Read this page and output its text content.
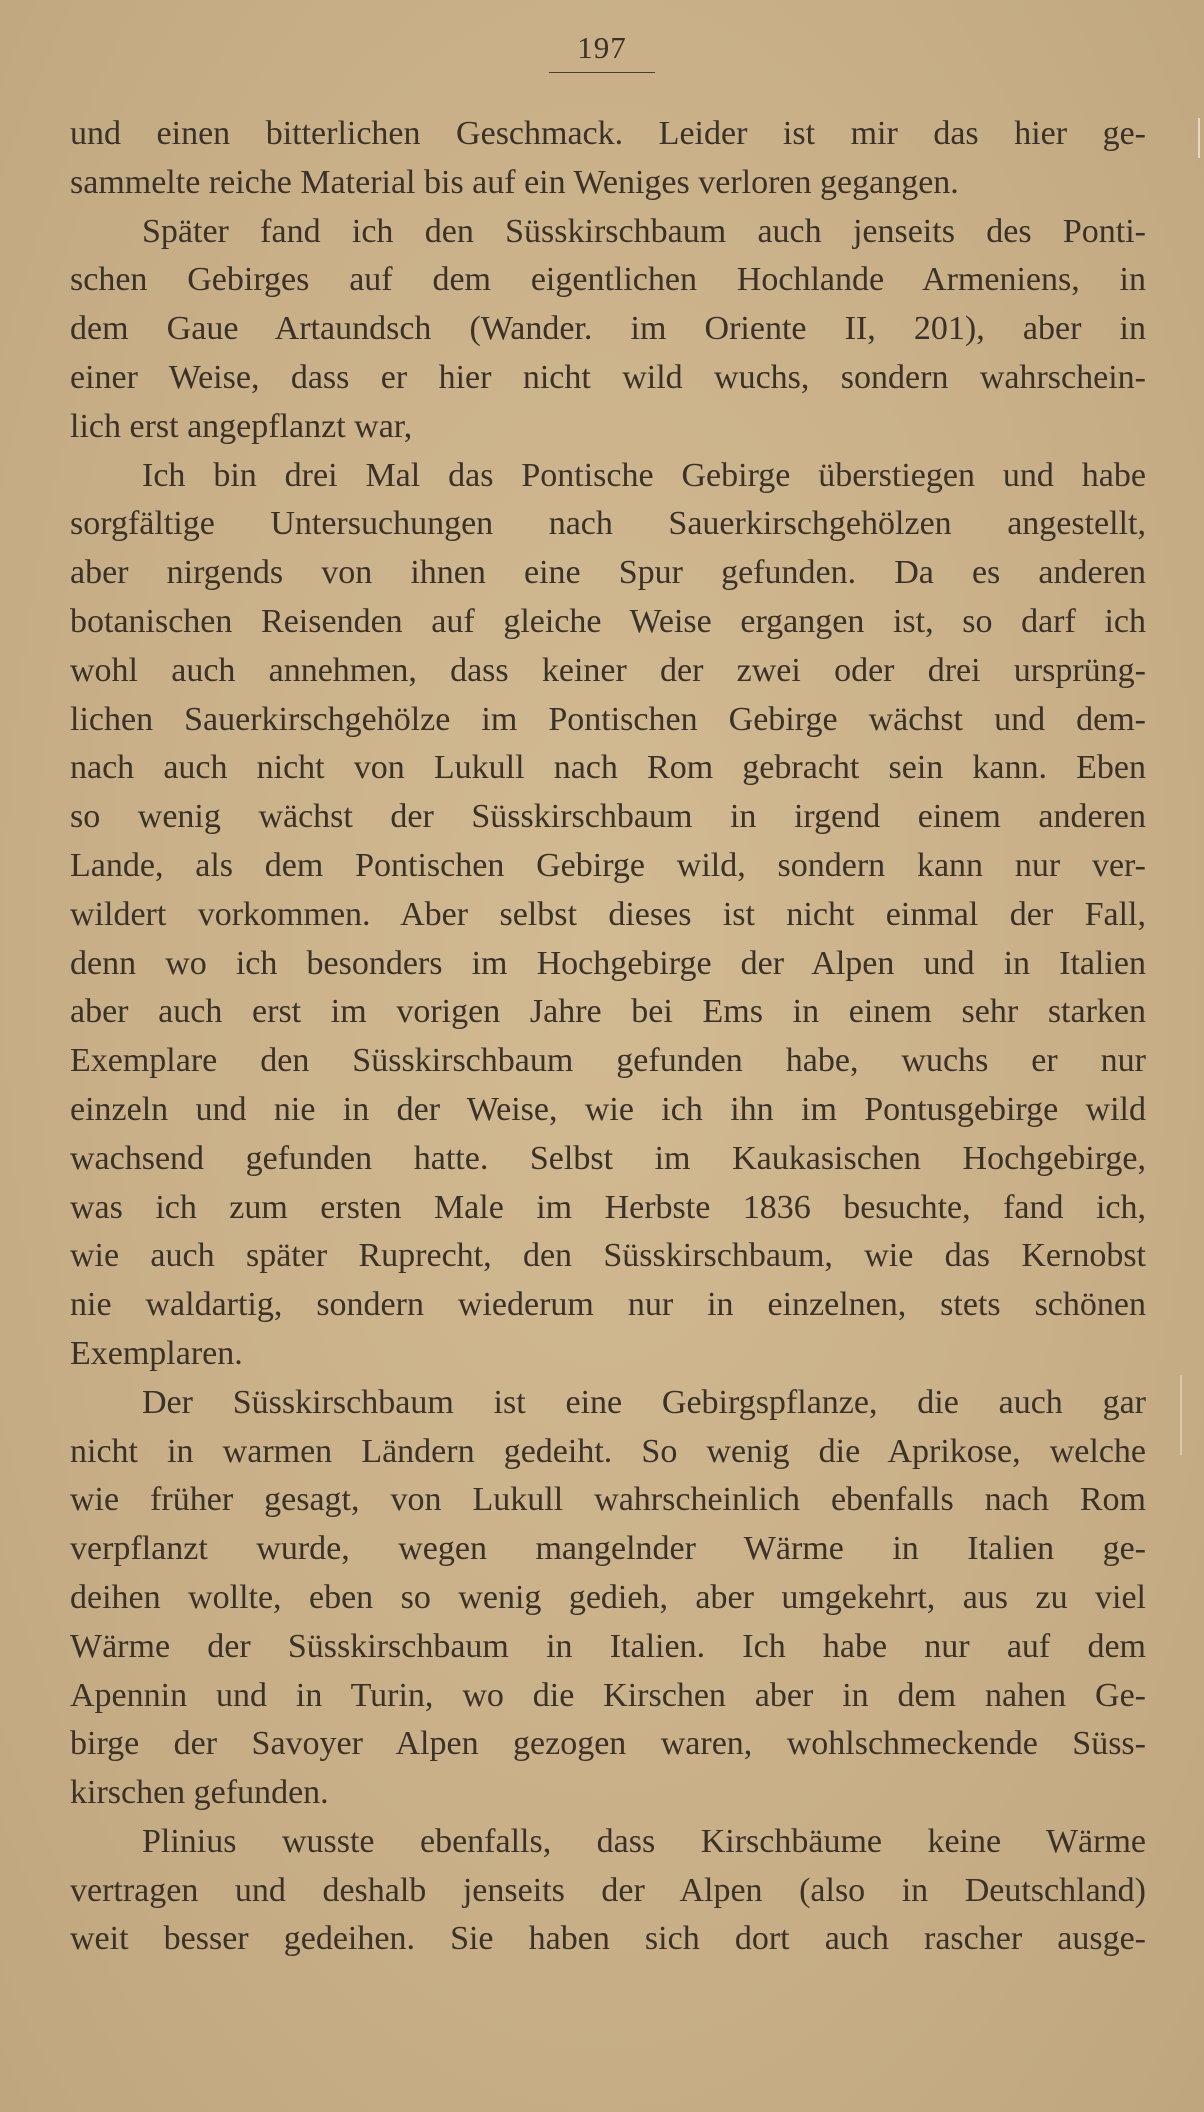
197
und einen bitterlichen Geschmack. Leider ist mir das hier ge-
sammelte reiche Material bis auf ein Weniges verloren gegangen.
Später fand ich den Süsskirschbaum auch jenseits des Ponti-
schen Gebirges auf dem eigentlichen Hochlande Armeniens, in
dem Gaue Artaundsch (Wander. im Oriente II, 201), aber in
einer Weise, dass er hier nicht wild wuchs, sondern wahrschein-
lich erst angepflanzt war,
Ich bin drei Mal das Pontische Gebirge überstiegen und habe
sorgfältige Untersuchungen nach Sauerkirschgehölzen angestellt,
aber nirgends von ihnen eine Spur gefunden. Da es anderen
botanischen Reisenden auf gleiche Weise ergangen ist, so darf ich
wohl auch annehmen, dass keiner der zwei oder drei ursprüng-
lichen Sauerkirschgehölze im Pontischen Gebirge wächst und dem-
nach auch nicht von Lukull nach Rom gebracht sein kann. Eben
so wenig wächst der Süsskirschbaum in irgend einem anderen
Lande, als dem Pontischen Gebirge wild, sondern kann nur ver-
wildert vorkommen. Aber selbst dieses ist nicht einmal der Fall,
denn wo ich besonders im Hochgebirge der Alpen und in Italien
aber auch erst im vorigen Jahre bei Ems in einem sehr starken
Exemplare den Süsskirschbaum gefunden habe, wuchs er nur
einzeln und nie in der Weise, wie ich ihn im Pontusgebirge wild
wachsend gefunden hatte. Selbst im Kaukasischen Hochgebirge,
was ich zum ersten Male im Herbste 1836 besuchte, fand ich,
wie auch später Ruprecht, den Süsskirschbaum, wie das Kernobst
nie waldartig, sondern wiederum nur in einzelnen, stets schönen
Exemplaren.
Der Süsskirschbaum ist eine Gebirgspflanze, die auch gar
nicht in warmen Ländern gedeiht. So wenig die Aprikose, welche
wie früher gesagt, von Lukull wahrscheinlich ebenfalls nach Rom
verpflanzt wurde, wegen mangelnder Wärme in Italien ge-
deihen wollte, eben so wenig gedieh, aber umgekehrt, aus zu viel
Wärme der Süsskirschbaum in Italien. Ich habe nur auf dem
Apennin und in Turin, wo die Kirschen aber in dem nahen Ge-
birge der Savoyer Alpen gezogen waren, wohlschmeckende Süss-
kirschen gefunden.
Plinius wusste ebenfalls, dass Kirschbäume keine Wärme
vertragen und deshalb jenseits der Alpen (also in Deutschland)
weit besser gedeihen. Sie haben sich dort auch rascher ausge-
